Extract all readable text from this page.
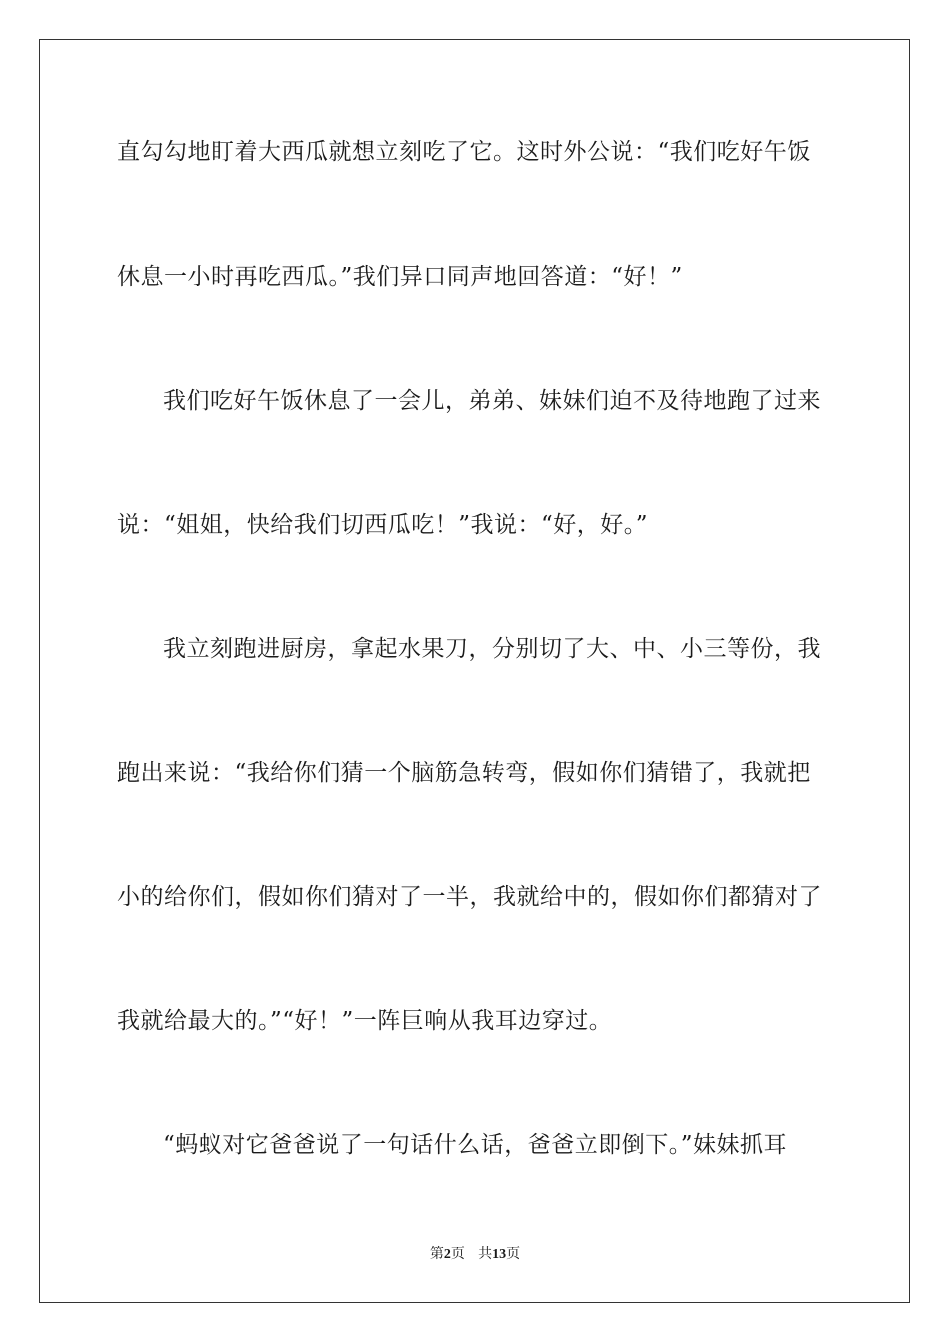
直勾勾地盯着大西瓜就想立刻吃了它。这时外公说：“我们吃好午饭
休息一小时再吃西瓜。”我们异口同声地回答道：“好！”
我们吃好午饭休息了一会儿，弟弟、妹妹们迫不及待地跑了过来
说：“姐姐，快给我们切西瓜吃！”我说：“好，好。”
我立刻跑进厨房，拿起水果刀，分别切了大、中、小三等份，我
跑出来说：“我给你们猜一个脑筋急转弯，假如你们猜错了，我就把
小的给你们，假如你们猜对了一半，我就给中的，假如你们都猜对了
我就给最大的。”“好！”一阵巨响从我耳边穿过。
“蚂蚁对它爸爸说了一句话什么话，爸爸立即倒下。”妹妹抓耳
第2页 共13页
